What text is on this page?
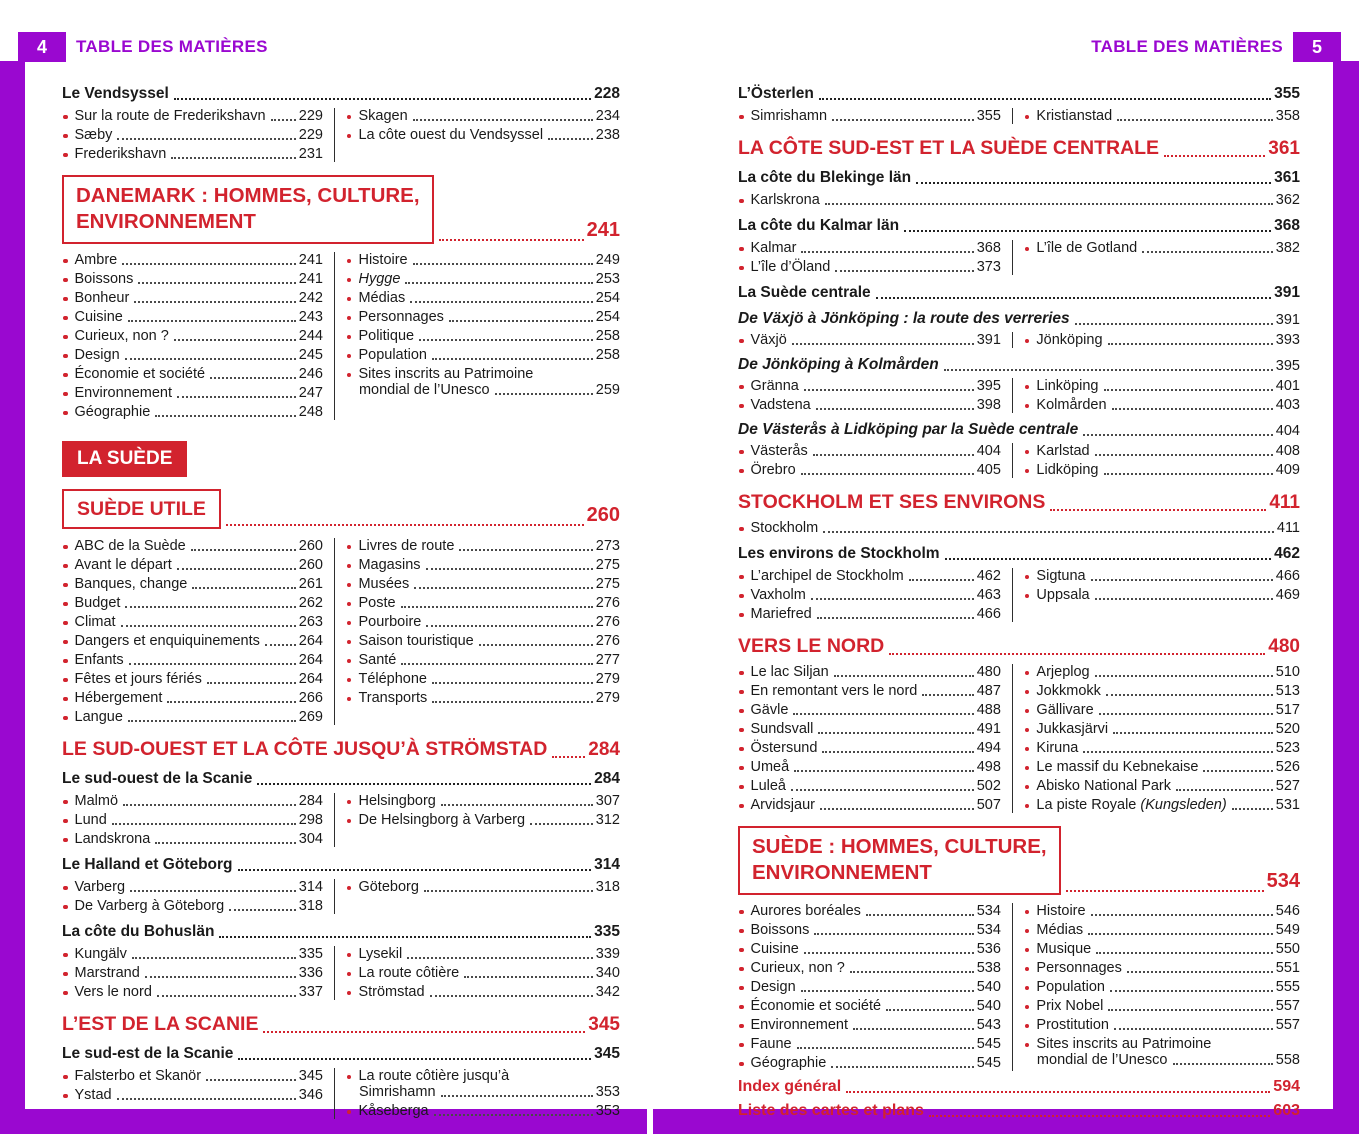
4	TABLE DES MATIÈRES	TABLE DES MATIÈRES	5
Le Vendsyssel	228
Sur la route de Frederikshavn 229
Sæby	229
Frederikshavn	231
Skagen	234
La côte ouest du Vendsyssel	238
DANEMARK : HOMMES, CULTURE,
ENVIRONNEMENT	241
Ambre	241
Boissons	241
Bonheur	242
Cuisine	243
Curieux, non ?	244
Design	245
Économie et société	246
Environnement	247
Géographie	248
Histoire	249
Hygge	253
Médias	254
Personnages	254
Politique	258
Population	258
Sites inscrits au Patrimoine
mondial de l’Unesco	259
LA SUÈDE
SUÈDE UTILE	260
ABC de la Suède	260
Avant le départ	260
Banques, change	261
Budget	262
Climat	263
Dangers et enquiquinements	264
Enfants	264
Fêtes et jours fériés	264
Hébergement	266
Langue	269
Livres de route	273
Magasins	275
Musées	275
Poste	276
Pourboire	276
Saison touristique	276
Santé	277
Téléphone	279
Transports	279
LE SUD-OUEST ET LA CÔTE JUSQU’À STRÖMSTAD 284
Le sud-ouest de la Scanie	284
Malmö	284
Lund	298
Landskrona	304
Helsingborg	307
De Helsingborg à Varberg	312
Le Halland et Göteborg	314
Varberg	314
De Varberg à Göteborg	318
Göteborg	318
La côte du Bohuslän	335
Kungälv	335
Marstrand	336
Vers le nord	337
Lysekil	339
La route côtière	340
Strömstad	342
L’EST DE LA SCANIE	345
Le sud-est de la Scanie	345
Falsterbo et Skanör	345
Ystad	346
La route côtière jusqu’à
Simrishamn	353
Kåseberga	353
L’Österlen	355
Simrishamn	355 Kristianstad	358
LA CÔTE SUD-EST ET LA SUÈDE CENTRALE	361
La côte du Blekinge län	361
Karlskrona	362
La côte du Kalmar län	368
Kalmar	368
L’île d’Öland	373
L’île de Gotland	382
La Suède centrale	391
De Växjö à Jönköping : la route des verreries	391
Växjö	391 Jönköping	393
De Jönköping à Kolmården	395
Gränna	395
Vadstena	398
Linköping	401
Kolmården	403
De Västerås à Lidköping par la Suède centrale	404
Västerås	404
Örebro	405
Karlstad	408
Lidköping	409
STOCKHOLM ET SES ENVIRONS	411
Stockholm	411
Les environs de Stockholm	462
L’archipel de Stockholm	462
Vaxholm	463
Mariefred	466
Sigtuna	466
Uppsala	469
VERS LE NORD	480
Le lac Siljan	480
En remontant vers le nord	487
Gävle	488
Sundsvall	491
Östersund	494
Umeå	498
Luleå	502
Arvidsjaur	507
Arjeplog	510
Jokkmokk	513
Gällivare	517
Jukkasjärvi	520
Kiruna	523
Le massif du Kebnekaise	526
Abisko National Park	527
La piste Royale (Kungsleden)	531
SUÈDE : HOMMES, CULTURE,
ENVIRONNEMENT	534
Aurores boréales	534
Boissons	534
Cuisine	536
Curieux, non ?	538
Design	540
Économie et société	540
Environnement	543
Faune	545
Géographie	545
Histoire	546
Médias	549
Musique	550
Personnages	551
Population	555
Prix Nobel	557
Prostitution	557
Sites inscrits au Patrimoine
mondial de l’Unesco	558
Index général	594
Liste des cartes et plans	603
